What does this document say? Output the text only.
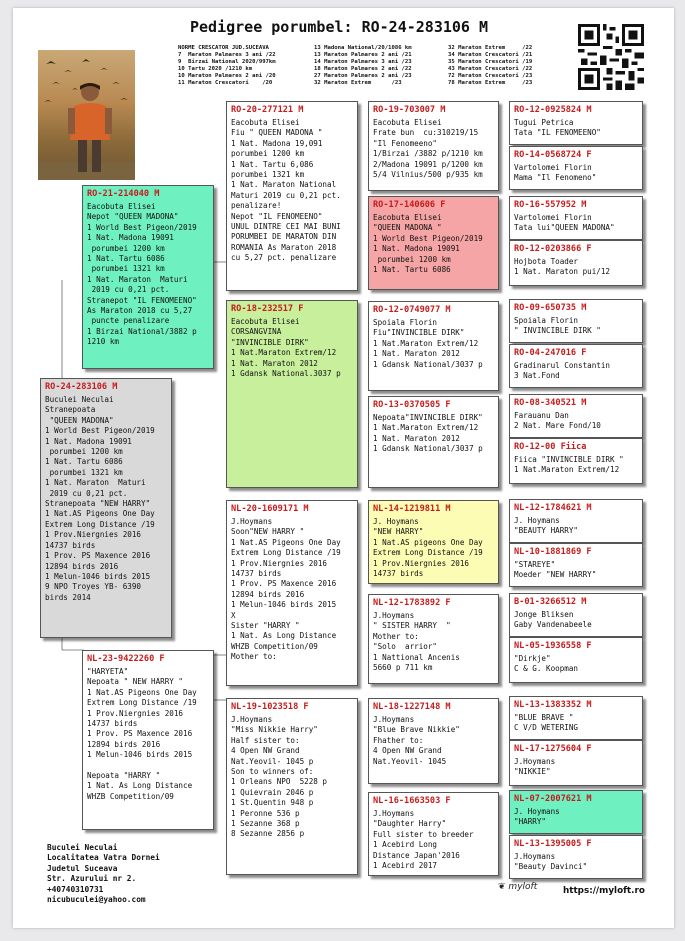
Pedigree porumbel: RO-24-283106 M
NORME CRESCATOR JUD.SUCEAVA
7  Maraton Palmares 3 ani /22
9  Birzai National 2020/997km
10 Tartu 2020 /1210 km
10 Maraton Palmares 2 ani /20
11 Maraton Crescatori    /20
13 Madona National/20/1086 km
13 Maraton Palmares 2 ani /21
14 Maraton Palmares 3 ani /23
18 Maraton Palmares 2 ani /22
27 Maraton Palmares 2 ani /23
32 Maraton Extrem      /23
32 Maraton Extrem     /22
34 Maraton Crescatori /21
35 Maraton Crescatori /19
43 Maraton Crescatori /22
72 Maraton Crescatori /23
78 Maraton Extrem     /23
RO-24-283106 M
Buculei Neculai
Stranepoata
"QUEEN MADONA"
1 World Best Pigeon/2019
1 Nat. Madona 19091
porumbei 1200 km
1 Nat. Tartu 6086
porumbei 1321 km
1 Nat. Maraton  Maturi
2019 cu 0,21 pct.
Stranepoata "NEW HARRY"
1 Nat.AS Pigeons One Day
Extrem Long Distance /19
1 Prov.Niergnies 2016
14737 birds
1 Prov. PS Maxence 2016
12894 birds 2016
1 Melun-1046 birds 2015
9 NPO Troyes YB- 6390
birds 2014
RO-21-214040 M
Eacobuta Elisei
Nepot "QUEEN MADONA"
1 World Best Pigeon/2019
1 Nat. Madona 19091
porumbei 1200 km
1 Nat. Tartu 6086
porumbei 1321 km
1 Nat. Maraton  Maturi
2019 cu 0,21 pct.
Stranepot "IL FENOMEENO"
As Maraton 2018 cu 5,27
puncte penalizare
1 Birzai National/3882 p
1210 km
NL-23-9422260 F
"HARYETA"
Nepoata " NEW HARRY "
1 Nat.AS Pigeons One Day
Extrem Long Distance /19
1 Prov.Niergnies 2016
14737 birds
1 Prov. PS Maxence 2016
12894 birds 2016
1 Melun-1046 birds 2015

Nepoata "HARRY "
1 Nat. As Long Distance
WHZB Competition/09
RO-20-277121 M
Eacobuta Elisei
Fiu " QUEEN MADONA "
1 Nat. Madona 19,091
porumbei 1200 km
1 Nat. Tartu 6,086
porumbei 1321 km
1 Nat. Maraton National
Maturi 2019 cu 0,21 pct.
penalizare!
Nepot "IL FENOMEENO"
UNUL DINTRE CEI MAI BUNI
PORUMBEI DE MARATON DIN
ROMANIA As Maraton 2018
cu 5,27 pct. penalizare
RO-18-232517 F
Eacobuta Elisei
CORSANGVINA
"INVINCIBLE DIRK"
1 Nat.Maraton Extrem/12
1 Nat. Maraton 2012
1 Gdansk National.3037 p
NL-20-1609171 M
J.Hoymans
Soon"NEW HARRY "
1 Nat.AS Pigeons One Day
Extrem Long Distance /19
1 Prov.Niergnies 2016
14737 birds
1 Prov. PS Maxence 2016
12894 birds 2016
1 Melun-1046 birds 2015
X
Sister "HARRY "
1 Nat. As Long Distance
WHZB Competition/09
Mother to:
NL-19-1023518 F
J.Hoymans
"Miss Nikkie Harry"
Half sister to:
4 Open NW Grand
Nat.Yeovil- 1045 p
Son to winners of:
1 Orleans NPO  5228 p
1 Quievrain 2046 p
1 St.Quentin 948 p
1 Peronne 536 p
1 Sezanne 368 p
8 Sezanne 2856 p
RO-19-703007 M
Eacobuta Elisei
Frate bun  cu:310219/15
"Il Fenomeeno"
1/Birzai /3882 p/1210 km
2/Madona 19091 p/1200 km
5/4 Vilnius/500 p/935 km
RO-17-140606 F
Eacobuta Elisei
"QUEEN MADONA "
1 World Best Pigeon/2019
1 Nat. Madona 19091
porumbei 1200 km
1 Nat. Tartu 6086
RO-12-0749077 M
Spoiala Florin
Fiu"INVINCIBLE DIRK"
1 Nat.Maraton Extrem/12
1 Nat. Maraton 2012
1 Gdansk National/3037 p
RO-13-0370505 F
Nepoata"INVINCIBLE DIRK"
1 Nat.Maraton Extrem/12
1 Nat. Maraton 2012
1 Gdansk National/3037 p
NL-14-1219811 M
J. Hoymans
"NEW HARRY"
1 Nat.AS pigeons One Day
Extrem Long Distance /19
1 Prov.Niergnies 2016
14737 birds
NL-12-1783892 F
J.Hoymans
" SISTER HARRY  "
Mother to:
"Solo  arrior"
1 Nattional Ancenis
5660 p 711 km
NL-18-1227148 M
J.Hoymans
"Blue Brave Nikkie"
Fhather to:
4 Open NW Grand
Nat.Yeovil- 1045
NL-16-1663503 F
J.Hoymans
"Daughter Harry"
Full sister to breeder
1 Acebird Long
Distance Japan'2016
1 Acebird 2017
RO-12-0925824 M
Tugui Petrica
Tata "IL FENOMEENO"
RO-14-0568724 F
Vartolomei Florin
Mama "Il Fenomeno"
RO-16-557952 M
Vartolomei Florin
Tata lui"QUEEN MADONA"
RO-12-0203866 F
Hojbota Toader
1 Nat. Maraton pui/12
RO-09-650735 M
Spoiala Florin
" INVINCIBLE DIRK "
RO-04-247016 F
Gradinarul Constantin
3 Nat.Fond
RO-08-340521 M
Farauanu Dan
2 Nat. Mare Fond/10
RO-12-00 Fiica
Fiica "INVINCIBLE DIRK "
1 Nat.Maraton Extrem/12
NL-12-1784621 M
J. Hoymans
"BEAUTY HARRY"
NL-10-1881869 F
"STAREYE"
Moeder "NEW HARRY"
B-01-3266512 M
Jonge Bliksen
Gaby Vandenabeele
NL-05-1936558 F
"Dirkje"
C & G. Koopman
NL-13-1383352 M
"BLUE BRAVE "
C V/D WETERING
NL-17-1275604 F
J.Hoymans
"NIKKIE"
NL-07-2007621 M
J. Hoymans
"HARRY"
NL-13-1395005 F
J.Hoymans
"Beauty Davinci"
Buculei Neculai
Localitatea Vatra Dornei
Judetul Suceava
Str. Azurului nr 2.
+40740310731
nicubuculei@yahoo.com
❦ myloft	https://myloft.ro
